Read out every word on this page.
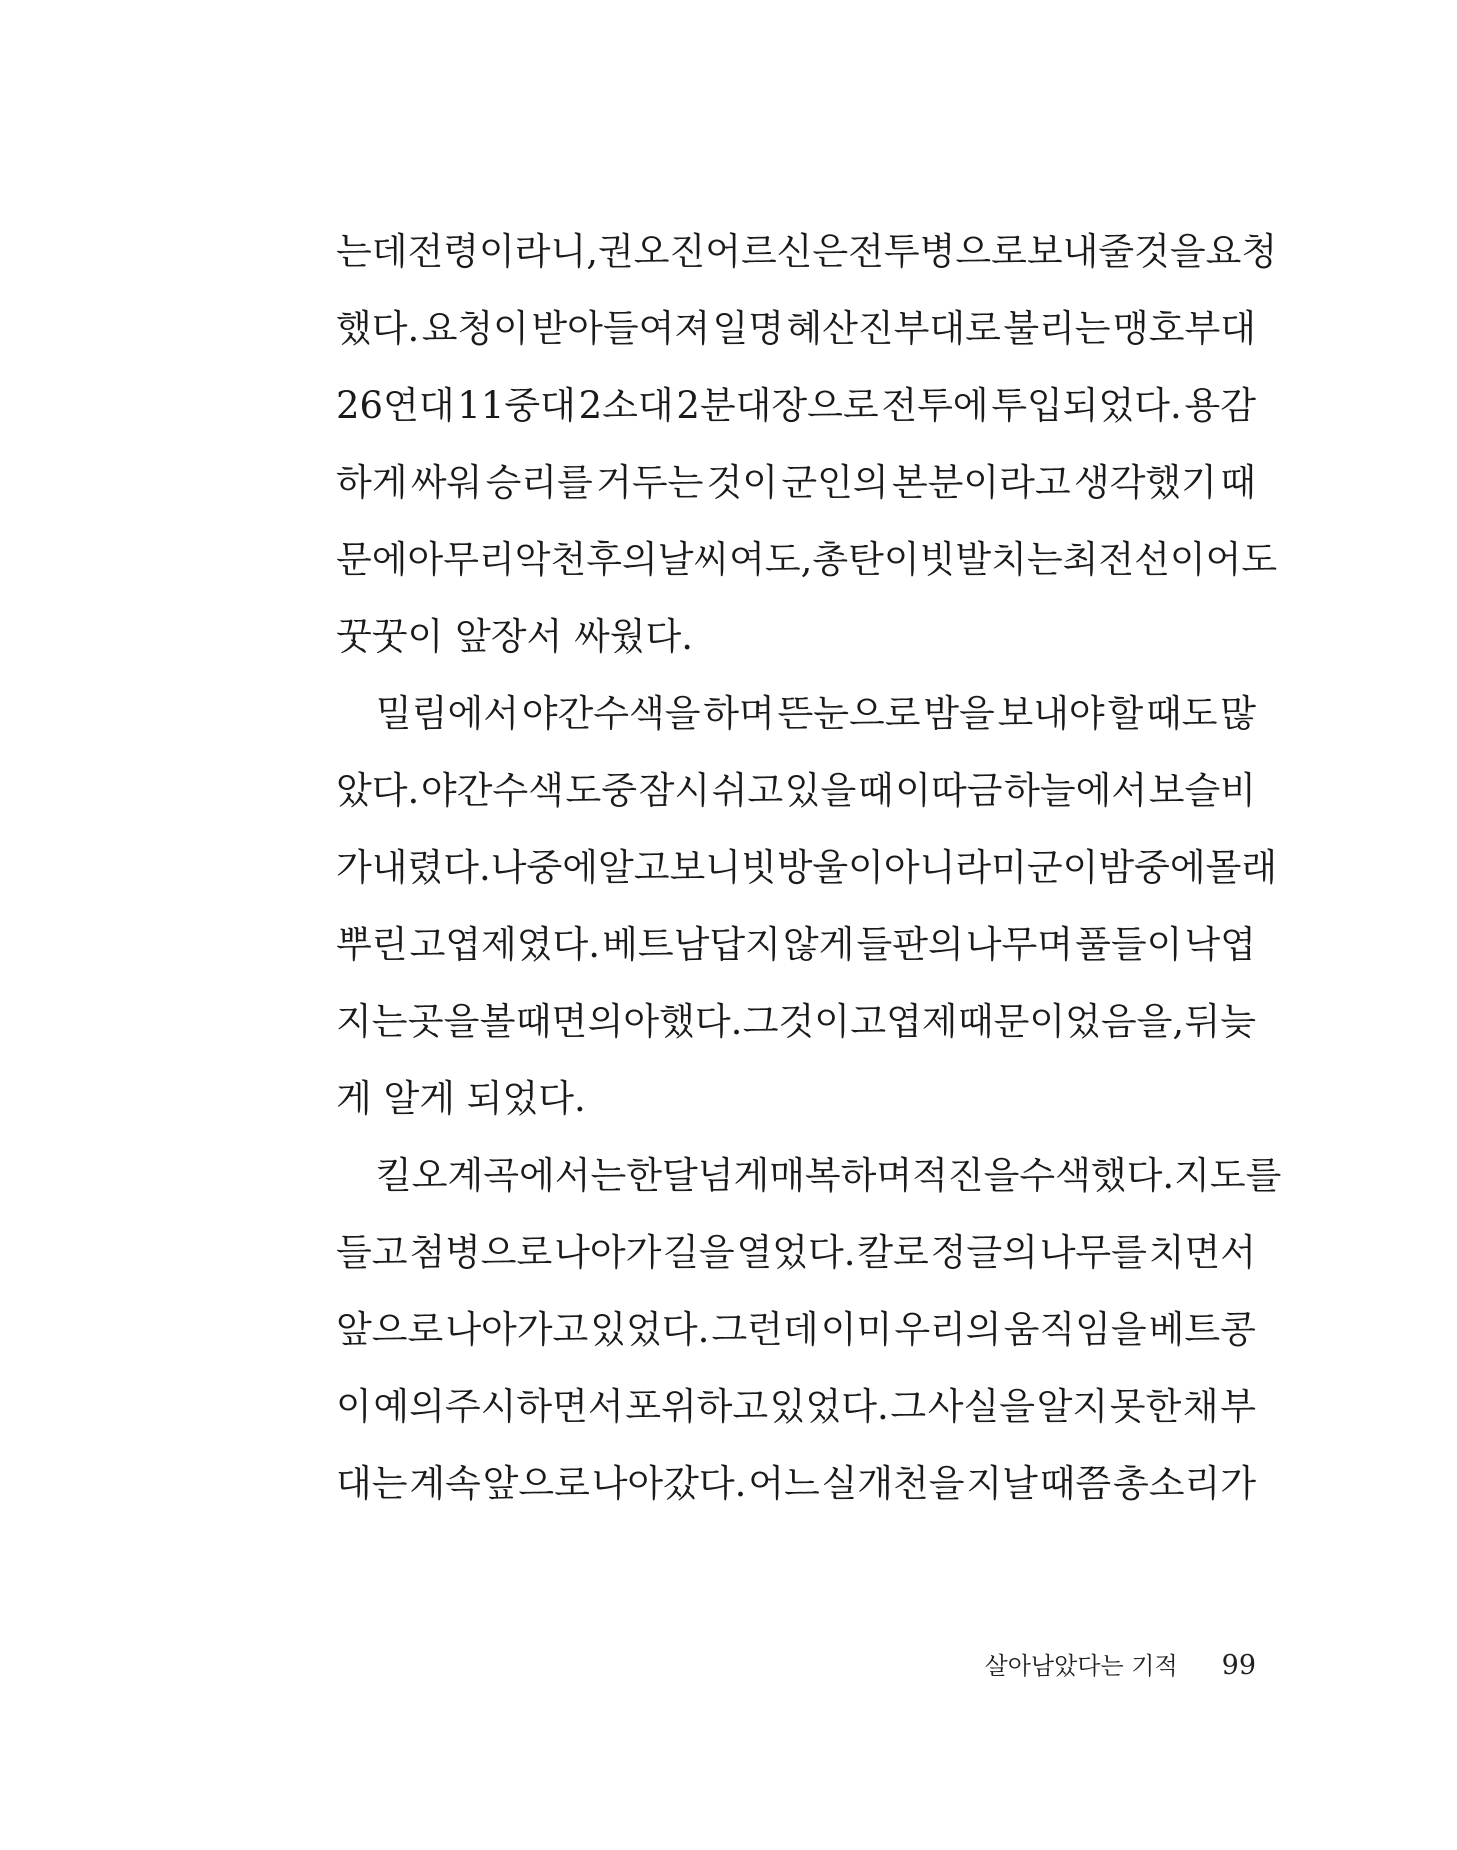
는데 전령이라니, 권오진 어르신은 전투병으로 보내줄 것을 요청
했다. 요청이 받아들여져 일명 혜산진부대로 불리는 맹호부대
26연대 11중대 2소대 2분대장으로 전투에 투입되었다. 용감
하게 싸워 승리를 거두는 것이 군인의 본분이라고 생각했기 때
문에 아무리 악천후의 날씨여도, 총탄이 빗발치는 최전선이어도
꿋꿋이 앞장서 싸웠다.
밀림에서 야간수색을 하며 뜬눈으로 밤을 보내야 할 때도 많
았다. 야간수색 도중 잠시 쉬고 있을 때 이따금 하늘에서 보슬비
가 내렸다. 나중에 알고 보니 빗방울이 아니라 미군이 밤중에 몰래
뿌린 고엽제였다. 베트남답지 않게 들판의 나무며 풀들이 낙엽
지는 곳을 볼 때면 의아했다. 그것이 고엽제 때문이었음을, 뒤늦
게 알게 되었다.
킬오계곡에서는 한 달 넘게 매복하며 적진을 수색했다. 지도를
들고 첨병으로 나아가 길을 열었다. 칼로 정글의 나무를 치면서
앞으로 나아가고 있었다. 그런데 이미 우리의 움직임을 베트콩
이 예의주시하면서 포위하고 있었다. 그 사실을 알지 못한 채 부
대는 계속 앞으로 나아갔다. 어느 실개천을 지날 때쯤 총소리가
살아남았다는 기적 99
